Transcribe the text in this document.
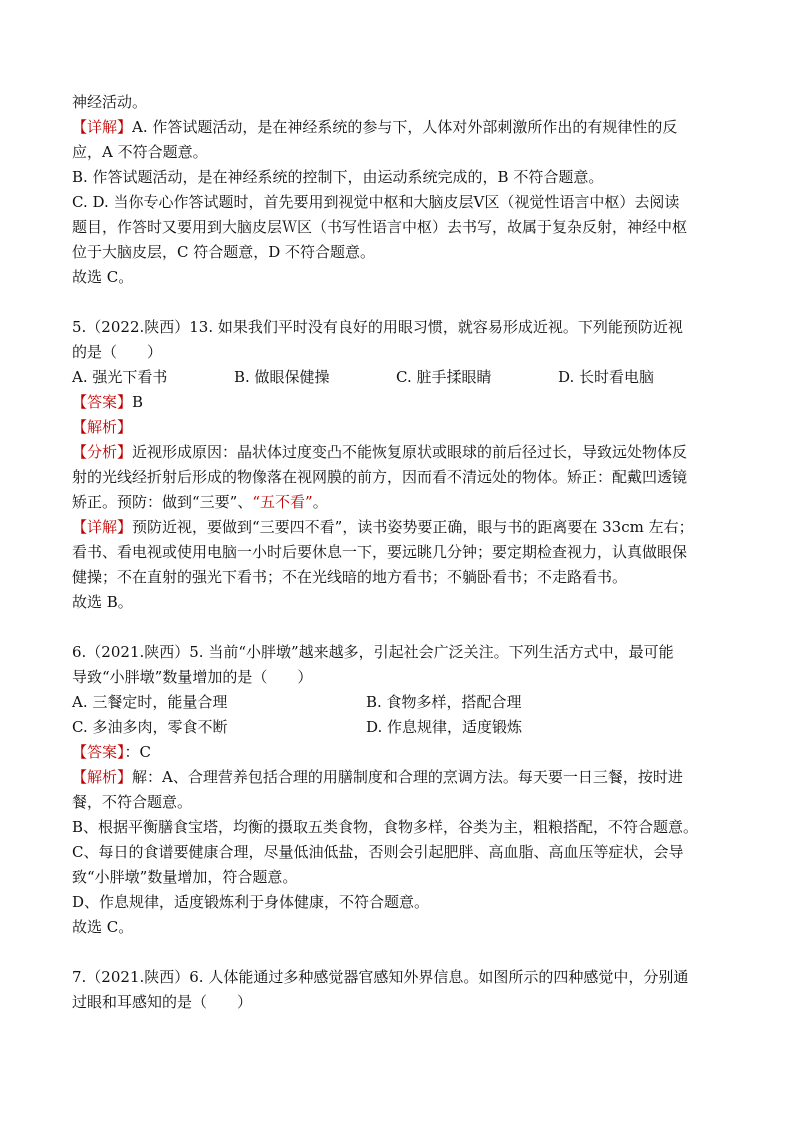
神经活动。
【详解】A. 作答试题活动，是在神经系统的参与下，人体对外部刺激所作出的有规律性的反
应，A 不符合题意。
B. 作答试题活动，是在神经系统的控制下，由运动系统完成的，B 不符合题意。
C. D. 当你专心作答试题时，首先要用到视觉中枢和大脑皮层Ⅴ区（视觉性语言中枢）去阅读
题目，作答时又要用到大脑皮层Ｗ区（书写性语言中枢）去书写，故属于复杂反射，神经中枢
位于大脑皮层，C 符合题意，D 不符合题意。
故选 C。
5.（2022.陕西）13. 如果我们平时没有良好的用眼习惯，就容易形成近视。下列能预防近视
的是（　　）
A. 强光下看书	B. 做眼保健操	C. 脏手揉眼睛	D. 长时看电脑
【答案】B
【解析】
【分析】近视形成原因：晶状体过度变凸不能恢复原状或眼球的前后径过长，导致远处物体反
射的光线经折射后形成的物像落在视网膜的前方，因而看不清远处的物体。矫正：配戴凹透镜
矫正。预防：做到“三要”、“五不看”。
【详解】预防近视，要做到“三要四不看”，读书姿势要正确，眼与书的距离要在 33cm 左右；
看书、看电视或使用电脑一小时后要休息一下，要远眺几分钟；要定期检查视力，认真做眼保
健操；不在直射的强光下看书；不在光线暗的地方看书；不躺卧看书；不走路看书。
故选 B。
6.（2021.陕西）5. 当前“小胖墩”越来越多，引起社会广泛关注。下列生活方式中，最可能
导致“小胖墩”数量增加的是（　　）
A. 三餐定时，能量合理	B. 食物多样，搭配合理
C. 多油多肉，零食不断	D. 作息规律，适度锻炼
【答案】：C
【解析】解：A、合理营养包括合理的用膳制度和合理的烹调方法。每天要一日三餐，按时进
餐，不符合题意。
B、根据平衡膳食宝塔，均衡的摄取五类食物，食物多样，谷类为主，粗粮搭配，不符合题意。
C、每日的食谱要健康合理，尽量低油低盐，否则会引起肥胖、高血脂、高血压等症状，会导
致“小胖墩”数量增加，符合题意。
D、作息规律，适度锻炼利于身体健康，不符合题意。
故选 C。
7.（2021.陕西）6. 人体能通过多种感觉器官感知外界信息。如图所示的四种感觉中，分别通
过眼和耳感知的是（　　）
